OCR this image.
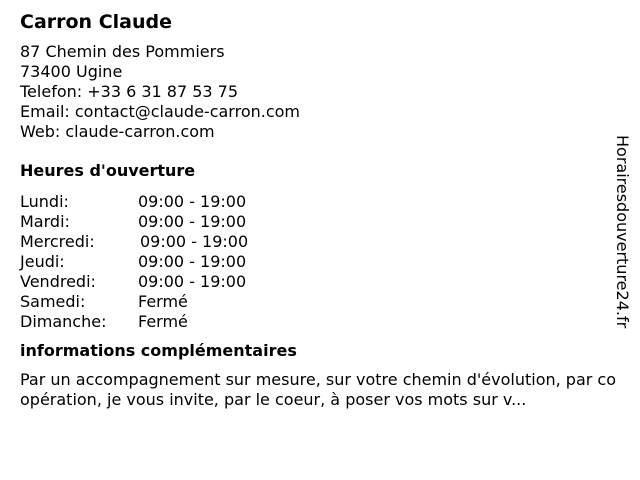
Carron Claude
87 Chemin des Pommiers
73400 Ugine
Telefon: +33 6 31 87 53 75
Email: contact@claude-carron.com
Web: claude-carron.com
Heures d'ouverture
Lundi:	09:00 - 19:00
Mardi:	09:00 - 19:00
Mercredi:	09:00 - 19:00
Jeudi:	09:00 - 19:00
Vendredi:	09:00 - 19:00
Samedi:	Fermé
Dimanche:	Fermé
informations complémentaires
Par un accompagnement sur mesure, sur votre chemin d'évolution, par coopération, je vous invite, par le coeur, à poser vos mots sur v...
Horairesdouverture24.fr
